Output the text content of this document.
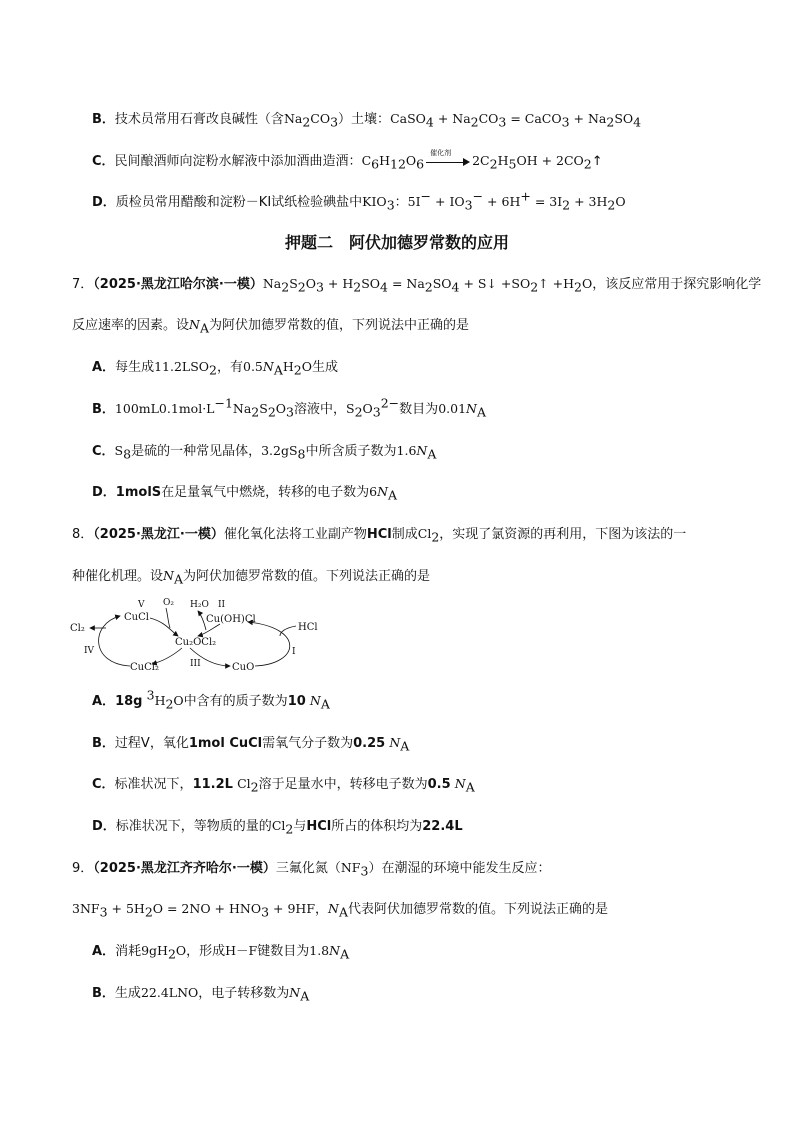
B．技术员常用石膏改良碱性（含$Na_2CO_3$）土壤：CaSO$_4$ + $Na_2CO_3$ = CaCO$_3$ + $Na_2SO_4$
C．民间酿酒师向淀粉水解液中添加酒曲造酒：$C_6H_{12}O_6$
催化剂
$2C_2H_5OH$ + $2CO_2↑$
D．质检员常用醋酸和淀粉－KI试纸检验碘盐中$KIO_3$：$5I^- + IO_3^- + 6H^+ = 3I_2 + 3H_2O$
押题二　阿伏加德罗常数的应用
7．（2025·黑龙江哈尔滨·一模）$Na_2S_2O_3 + H_2SO_4 = Na_2SO_4$ + S↓ $+SO_2↑ +H_2O$，该反应常用于探究影响化学
反应速率的因素。设$N_A$为阿伏加德罗常数的值，下列说法中正确的是
A．每生成$11.2LSO_2$，有$0.5N_AH_2O$生成
B．$100mL0.1mol\cdot L^{-1}Na_2S_2O_3$溶液中，$S_2O_3^{2-}$数目为$0.01N_A$
C．$S_8$是硫的一种常见晶体，$3.2gS_8$中所含质子数为$1.6N_A$
D．1molS在足量氧气中燃烧，转移的电子数为$6N_A$
8．（2025·黑龙江·一模）催化氧化法将工业副产物HCl制成$Cl_2$，实现了氯资源的再利用，下图为该法的一
种催化机理。设$N_A$为阿伏加德罗常数的值。下列说法正确的是
CuCl
V O₂ H₂O II
Cu(OH)Cl
HCl
Cu₂OCl₂
Cl₂
IV
CuCl₂	III	CuO
I
A．18g $^3H_2O$中含有的质子数为10 $N_A$
B．过程Ⅴ，氧化1mol CuCl需氧气分子数为0.25 $N_A$
C．标准状况下，11.2L $Cl_2$溶于足量水中，转移电子数为0.5 $N_A$
D．标准状况下，等物质的量的$Cl_2$与HCl所占的体积均为22.4L
9．（2025·黑龙江齐齐哈尔·一模）三氟化氮$(NF_3)$在潮湿的环境中能发生反应：
$3NF_3 + 5H_2O = 2NO + HNO_3 + 9HF$，$N_A$代表阿伏加德罗常数的值。下列说法正确的是
A．消耗$9gH_2O$，形成H－F键数目为$1.8N_A$
B．生成22.4LNO，电子转移数为$N_A$
